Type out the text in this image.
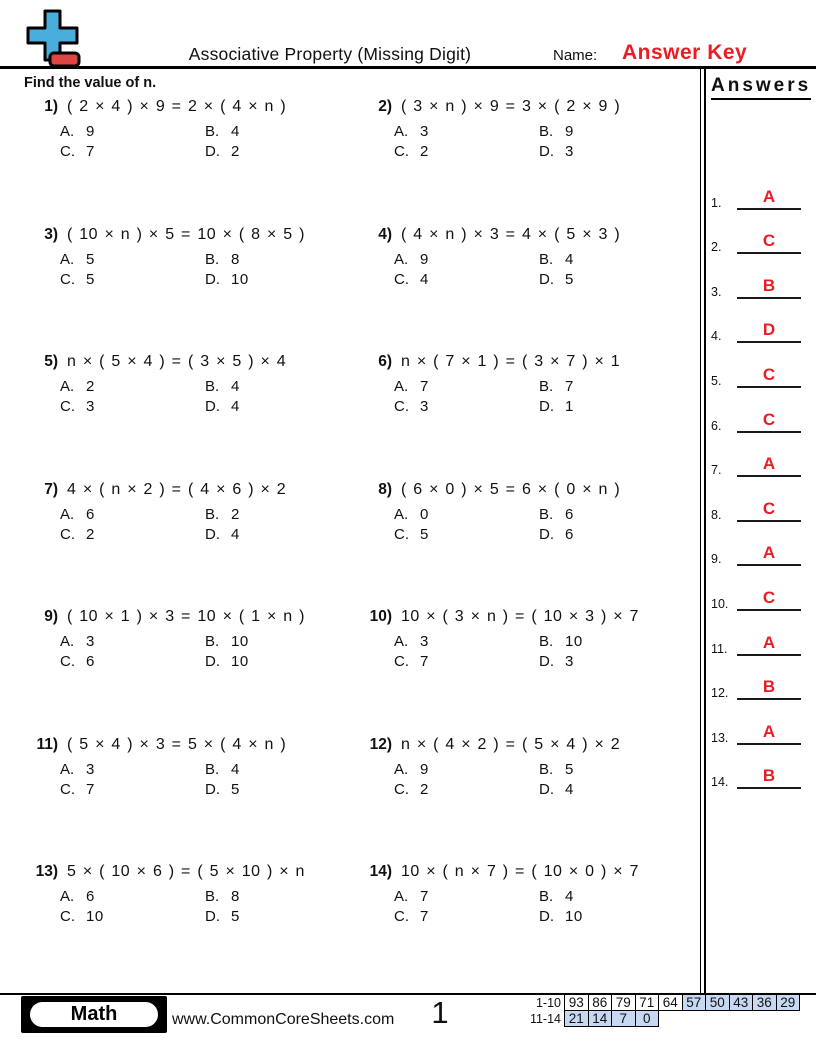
Associative Property (Missing Digit)	Name: Answer Key
Find the value of n.
1) ( 2 × 4 ) × 9 = 2 × ( 4 × n )
A. 9	B. 4
C. 7	D. 2
2) ( 3 × n ) × 9 = 3 × ( 2 × 9 )
A. 3	B. 9
C. 2	D. 3
3) ( 10 × n ) × 5 = 10 × ( 8 × 5 )
A. 5	B. 8
C. 5	D. 10
4) ( 4 × n ) × 3 = 4 × ( 5 × 3 )
A. 9	B. 4
C. 4	D. 5
5) n × ( 5 × 4 ) = ( 3 × 5 ) × 4
A. 2	B. 4
C. 3	D. 4
6) n × ( 7 × 1 ) = ( 3 × 7 ) × 1
A. 7	B. 7
C. 3	D. 1
7) 4 × ( n × 2 ) = ( 4 × 6 ) × 2
A. 6	B. 2
C. 2	D. 4
8) ( 6 × 0 ) × 5 = 6 × ( 0 × n )
A. 0	B. 6
C. 5	D. 6
9) ( 10 × 1 ) × 3 = 10 × ( 1 × n )
A. 3	B. 10
C. 6	D. 10
10) 10 × ( 3 × n ) = ( 10 × 3 ) × 7
A. 3	B. 10
C. 7	D. 3
11) ( 5 × 4 ) × 3 = 5 × ( 4 × n )
A. 3	B. 4
C. 7	D. 5
12) n × ( 4 × 2 ) = ( 5 × 4 ) × 2
A. 9	B. 5
C. 2	D. 4
13) 5 × ( 10 × 6 ) = ( 5 × 10 ) × n
A. 6	B. 8
C. 10	D. 5
14) 10 × ( n × 7 ) = ( 10 × 0 ) × 7
A. 7	B. 4
C. 7	D. 10
Answers
1.	A
2.	C
3.	B
4.	D
5.	C
6.	C
7.	A
8.	C
9.	A
10.	C
11.	A
12.	B
13.	A
14.	B
Math	www.CommonCoreSheets.com	1	1-10 93 86 79 71 64 57 50 43 36 29
11-14 21 14 7	0
